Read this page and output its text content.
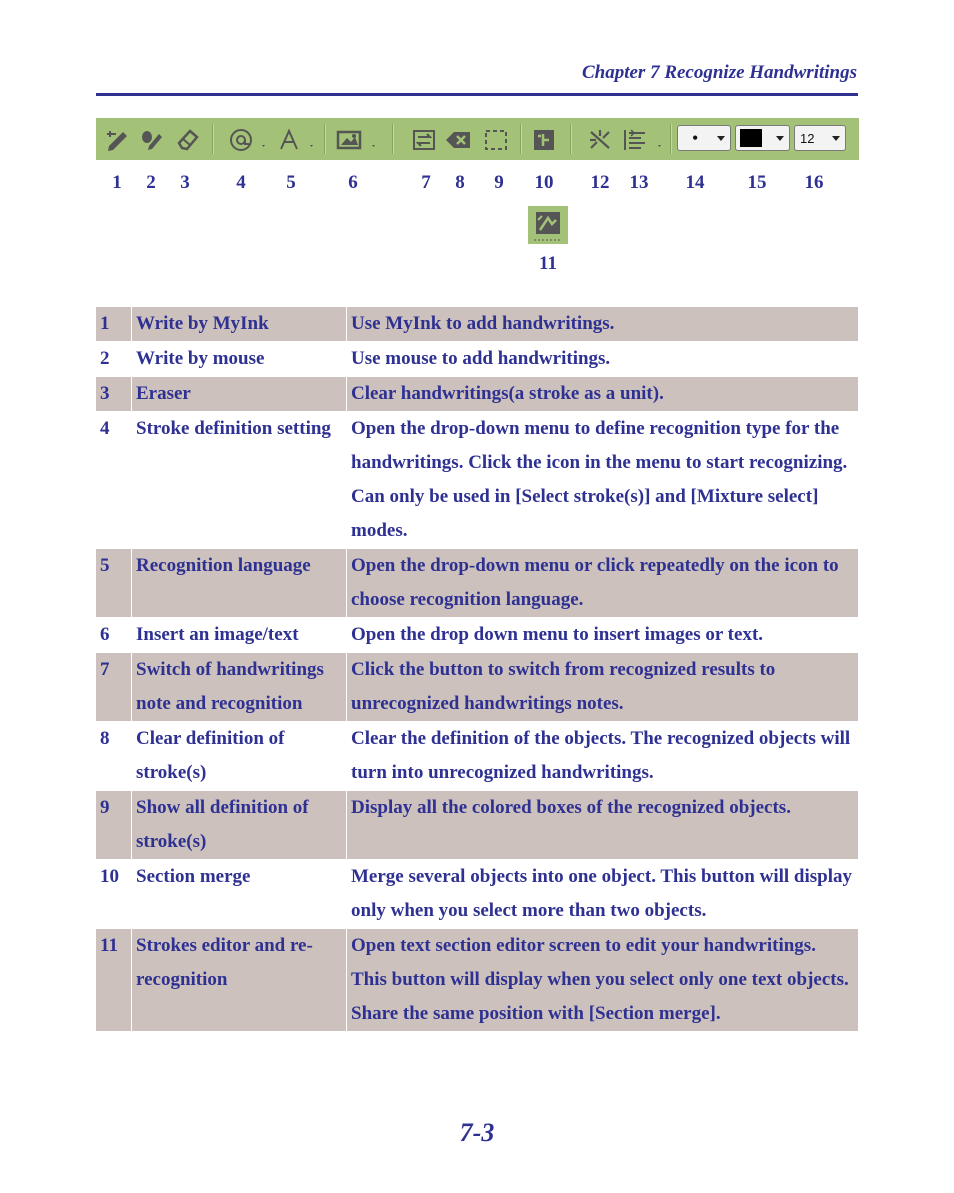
Chapter 7 Recognize Handwritings
•	12
1 2 3 4 5	6	7 8 9 10 12 13 14 15 16
11
1	Write by MyInk	Use MyInk to add handwritings.
2	Write by mouse	Use mouse to add handwritings.
3	Eraser	Clear handwritings(a stroke as a unit).
4	Stroke definition setting	Open the drop-down menu to define recognition type for the handwritings. Click the icon in the menu to start recognizing. Can only be used in [Select stroke(s)] and [Mixture select] modes.
5	Recognition language	Open the drop-down menu or click repeatedly on the icon to choose recognition language.
6	Insert an image/text	Open the drop down menu to insert images or text.
7	Switch of handwritings note and recognition	Click the button to switch from recognized results to unrecognized handwritings notes.
8	Clear definition of stroke(s)	Clear the definition of the objects. The recognized objects will turn into unrecognized handwritings.
9	Show all definition of stroke(s)	Display all the colored boxes of the recognized objects.
10	Section merge	Merge several objects into one object. This button will display only when you select more than two objects.
11	Strokes editor and re-recognition	Open text section editor screen to edit your handwritings. This button will display when you select only one text objects. Share the same position with [Section merge].
7-3
